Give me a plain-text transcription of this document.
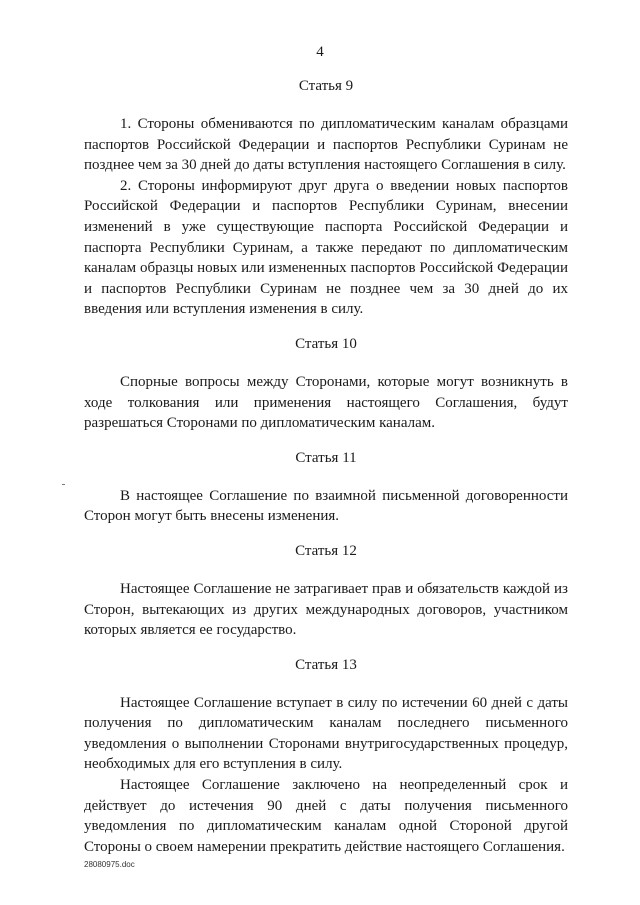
4

Статья 9

1. Стороны обмениваются по дипломатическим каналам образцами паспортов Российской Федерации и паспортов Республики Суринам не позднее чем за 30 дней до даты вступления настоящего Соглашения в силу.

2. Стороны информируют друг друга о введении новых паспортов Российской Федерации и паспортов Республики Суринам, внесении изменений в уже существующие паспорта Российской Федерации и паспорта Республики Суринам, а также передают по дипломатическим каналам образцы новых или измененных паспортов Российской Федерации и паспортов Республики Суринам не позднее чем за 30 дней до их введения или вступления изменения в силу.

Статья 10

Спорные вопросы между Сторонами, которые могут возникнуть в ходе толкования или применения настоящего Соглашения, будут разрешаться Сторонами по дипломатическим каналам.

Статья 11

В настоящее Соглашение по взаимной письменной договоренности Сторон могут быть внесены изменения.

Статья 12

Настоящее Соглашение не затрагивает прав и обязательств каждой из Сторон, вытекающих из других международных договоров, участником которых является ее государство.

Статья 13

Настоящее Соглашение вступает в силу по истечении 60 дней с даты получения по дипломатическим каналам последнего письменного уведомления о выполнении Сторонами внутригосударственных процедур, необходимых для его вступления в силу.

Настоящее Соглашение заключено на неопределенный срок и действует до истечения 90 дней с даты получения письменного уведомления по дипломатическим каналам одной Стороной другой Стороны о своем намерении прекратить действие настоящего Соглашения.

28080975.doc
